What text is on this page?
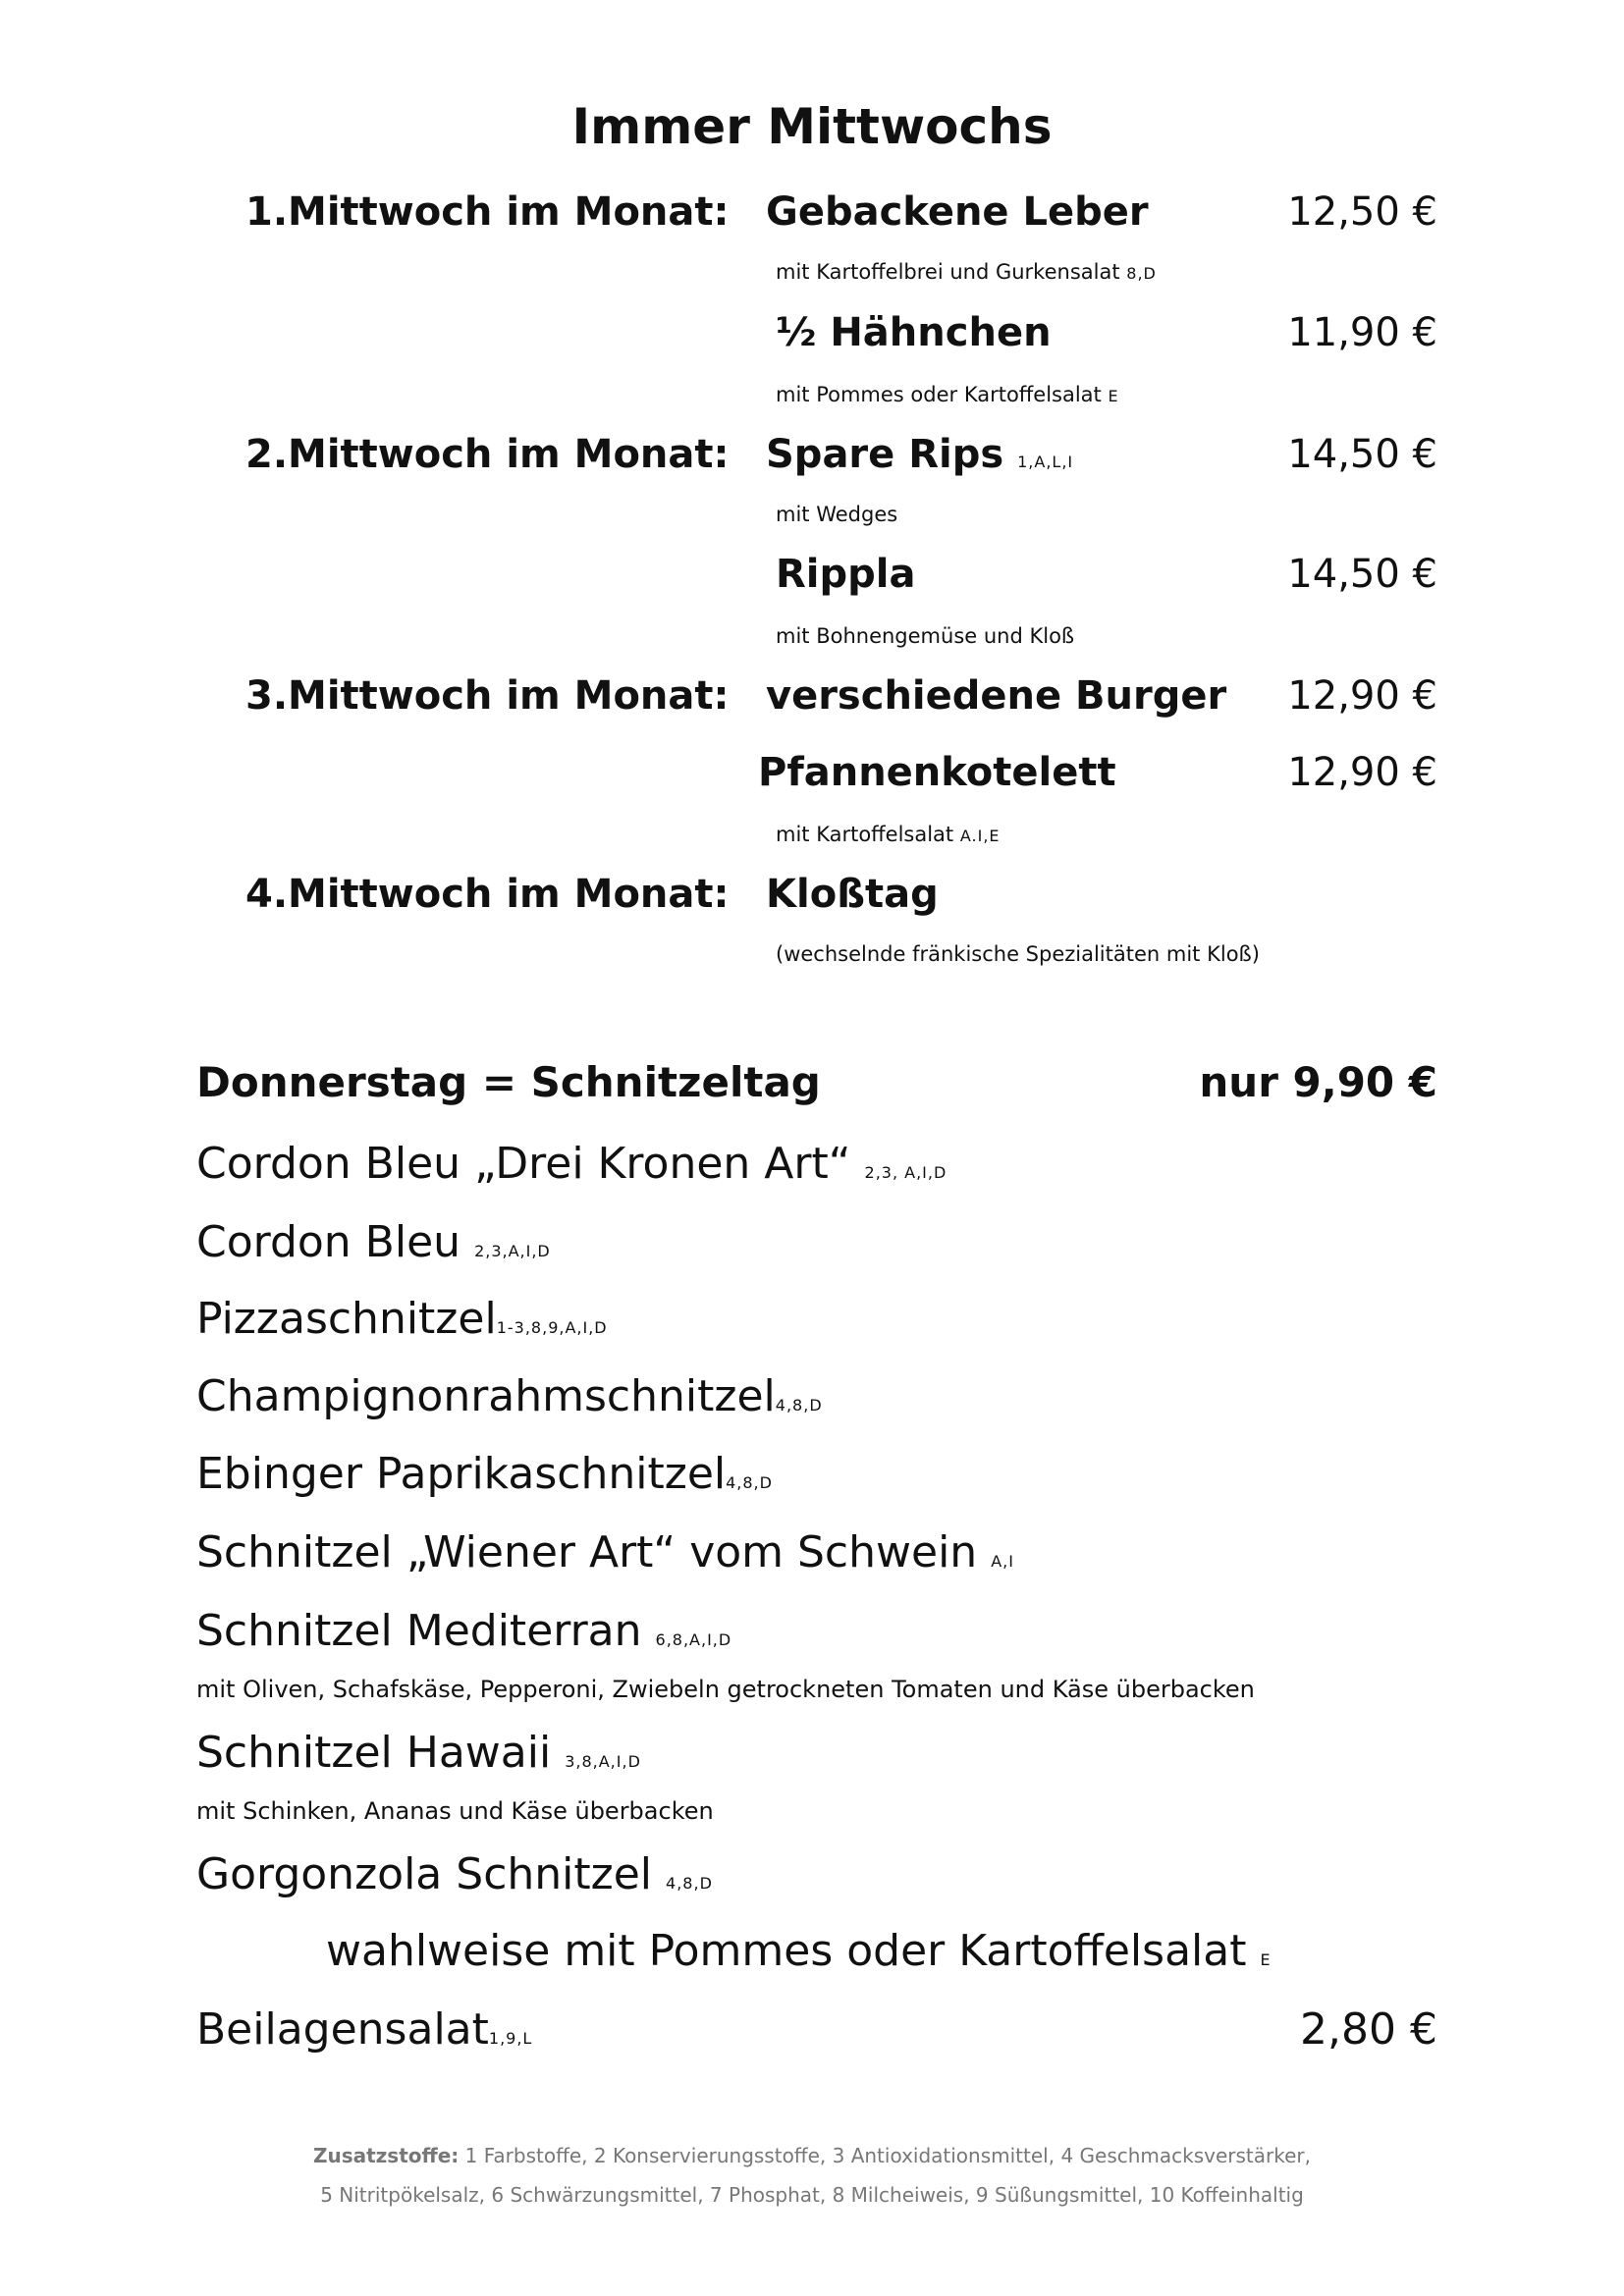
Immer Mittwochs
1.Mittwoch im Monat: Gebackene Leber	12,50 €
mit Kartoffelbrei und Gurkensalat 8,D
½ Hähnchen	11,90 €
mit Pommes oder Kartoffelsalat E
2.Mittwoch im Monat: Spare Rips 1,A,L,I	14,50 €
mit Wedges
Rippla	14,50 €
mit Bohnengemüse und Kloß
3.Mittwoch im Monat: verschiedene Burger 12,90 €
Pfannenkotelett	12,90 €
mit Kartoffelsalat A.I,E
4.Mittwoch im Monat: Kloßtag
(wechselnde fränkische Spezialitäten mit Kloß)
Donnerstag = Schnitzeltag	nur 9,90 €
Cordon Bleu „Drei Kronen Art“ 2,3, A,I,D
Cordon Bleu 2,3,A,I,D
Pizzaschnitzel1-3,8,9,A,I,D
Champignonrahmschnitzel4,8,D
Ebinger Paprikaschnitzel4,8,D
Schnitzel „Wiener Art“ vom Schwein A,I
Schnitzel Mediterran 6,8,A,I,D
mit Oliven, Schafskäse, Pepperoni, Zwiebeln getrockneten Tomaten und Käse überbacken
Schnitzel Hawaii 3,8,A,I,D
mit Schinken, Ananas und Käse überbacken
Gorgonzola Schnitzel 4,8,D
wahlweise mit Pommes oder Kartoffelsalat E
Beilagensalat1,9,L	2,80 €
Zusatzstoffe: 1 Farbstoffe, 2 Konservierungsstoffe, 3 Antioxidationsmittel, 4 Geschmacksverstärker,
5 Nitritpökelsalz, 6 Schwärzungsmittel, 7 Phosphat, 8 Milcheiweis, 9 Süßungsmittel, 10 Koffeinhaltig
